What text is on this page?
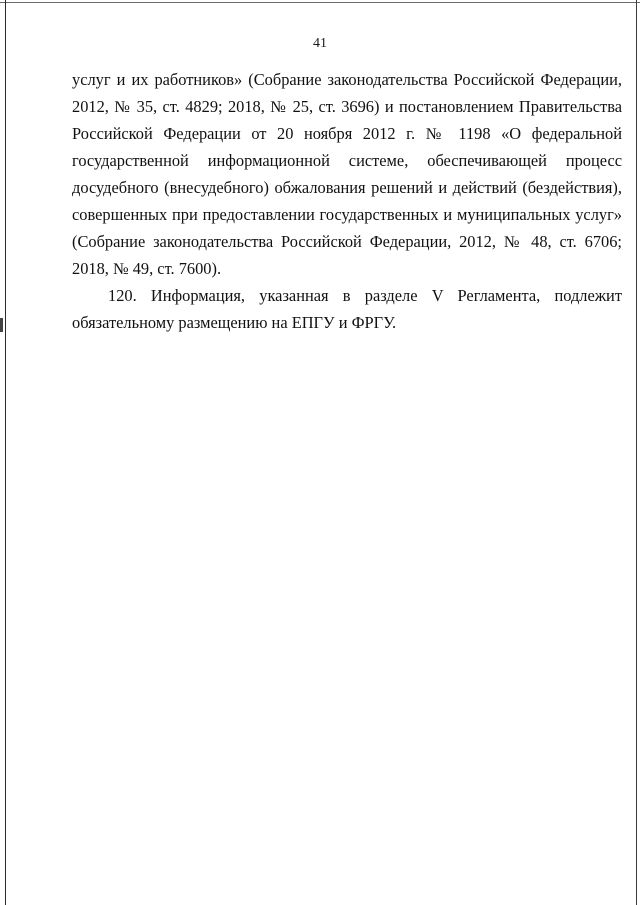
41

услуг и их работников» (Собрание законодательства Российской Федерации, 2012, № 35, ст. 4829; 2018, № 25, ст. 3696) и постановлением Правительства Российской Федерации от 20 ноября 2012 г. № 1198 «О федеральной государственной информационной системе, обеспечивающей процесс досудебного (внесудебного) обжалования решений и действий (бездействия), совершенных при предоставлении государственных и муниципальных услуг» (Собрание законодательства Российской Федерации, 2012, № 48, ст. 6706; 2018, № 49, ст. 7600).

120. Информация, указанная в разделе V Регламента, подлежит обязательному размещению на ЕПГУ и ФРГУ.
